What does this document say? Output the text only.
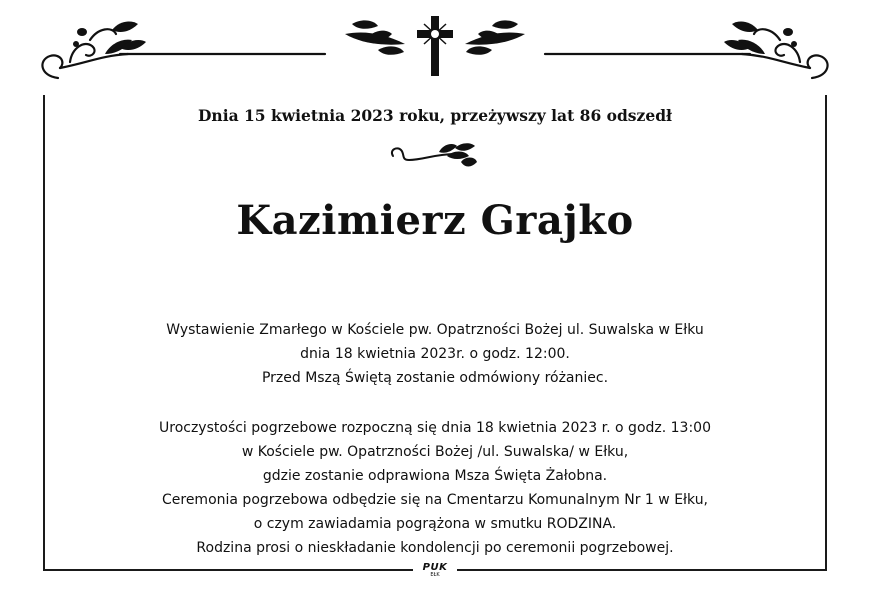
PUK
EŁK
Dnia 15 kwietnia 2023 roku, przeżywszy lat 86 odszedł
Kazimierz Grajko
Wystawienie Zmarłego w Kościele pw. Opatrzności Bożej ul. Suwalska w Ełku
dnia 18 kwietnia 2023r. o godz. 12:00.
Przed Mszą Świętą zostanie odmówiony różaniec.
Uroczystości pogrzebowe rozpoczną się dnia 18 kwietnia 2023 r. o godz. 13:00
w Kościele pw. Opatrzności Bożej /ul. Suwalska/ w Ełku,
gdzie zostanie odprawiona Msza Święta Żałobna.
Ceremonia pogrzebowa odbędzie się na Cmentarzu Komunalnym Nr 1 w Ełku,
o czym zawiadamia pogrążona w smutku RODZINA.
Rodzina prosi o nieskładanie kondolencji po ceremonii pogrzebowej.
